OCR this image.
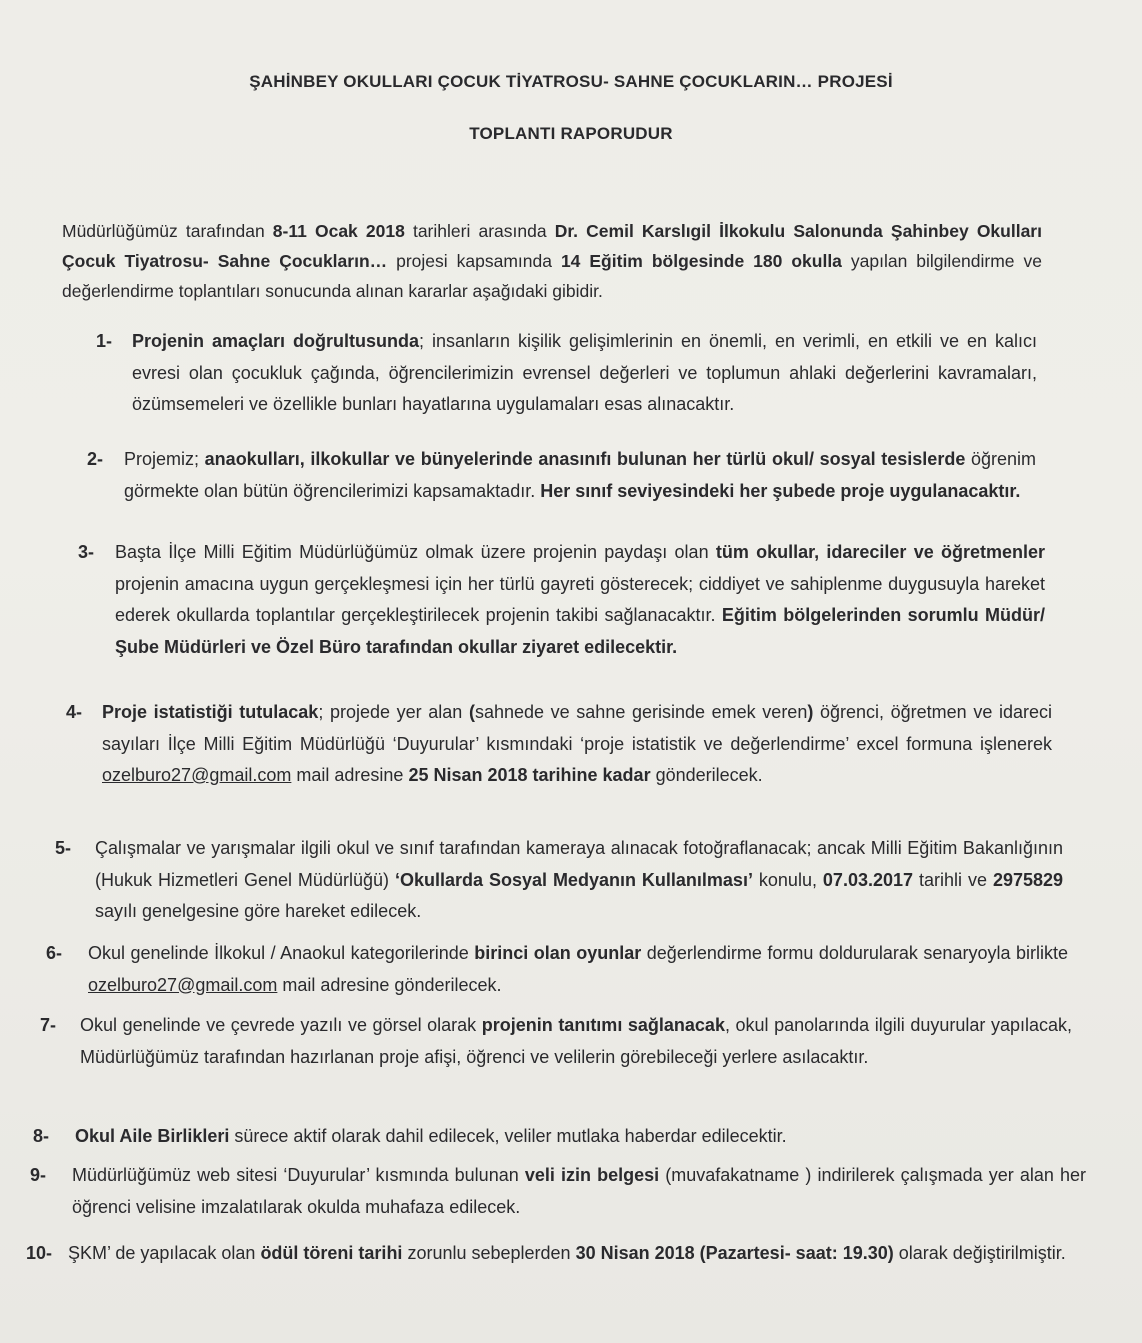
ŞAHİNBEY OKULLARI ÇOCUK TİYATROSU- SAHNE ÇOCUKLARIN… PROJESİ
TOPLANTI RAPORUDUR
Müdürlüğümüz tarafından 8-11 Ocak 2018 tarihleri arasında Dr. Cemil Karslıgil İlkokulu Salonunda Şahinbey Okulları Çocuk Tiyatrosu- Sahne Çocukların… projesi kapsamında 14 Eğitim bölgesinde 180 okulla yapılan bilgilendirme ve değerlendirme toplantıları sonucunda alınan kararlar aşağıdaki gibidir.
1- Projenin amaçları doğrultusunda; insanların kişilik gelişimlerinin en önemli, en verimli, en etkili ve en kalıcı evresi olan çocukluk çağında, öğrencilerimizin evrensel değerleri ve toplumun ahlaki değerlerini kavramaları, özümsemeleri ve özellikle bunları hayatlarına uygulamaları esas alınacaktır.
2- Projemiz; anaokulları, ilkokullar ve bünyelerinde anasınıfı bulunan her türlü okul/ sosyal tesislerde öğrenim görmekte olan bütün öğrencilerimizi kapsamaktadır. Her sınıf seviyesindeki her şubede proje uygulanacaktır.
3- Başta İlçe Milli Eğitim Müdürlüğümüz olmak üzere projenin paydaşı olan tüm okullar, idareciler ve öğretmenler projenin amacına uygun gerçekleşmesi için her türlü gayreti gösterecek; ciddiyet ve sahiplenme duygusuyla hareket ederek okullarda toplantılar gerçekleştirilecek projenin takibi sağlanacaktır. Eğitim bölgelerinden sorumlu Müdür/Şube Müdürleri ve Özel Büro tarafından okullar ziyaret edilecektir.
4- Proje istatistiği tutulacak; projede yer alan (sahnede ve sahne gerisinde emek veren) öğrenci, öğretmen ve idareci sayıları İlçe Milli Eğitim Müdürlüğü ‘Duyurular’ kısmındaki ‘proje istatistik ve değerlendirme’ excel formuna işlenerek ozelburo27@gmail.com mail adresine 25 Nisan 2018 tarihine kadar gönderilecek.
5- Çalışmalar ve yarışmalar ilgili okul ve sınıf tarafından kameraya alınacak fotoğraflanacak; ancak Milli Eğitim Bakanlığının (Hukuk Hizmetleri Genel Müdürlüğü) ‘Okullarda Sosyal Medyanın Kullanılması’ konulu, 07.03.2017 tarihli ve 2975829 sayılı genelgesine göre hareket edilecek.
6- Okul genelinde İlkokul / Anaokul kategorilerinde birinci olan oyunlar değerlendirme formu doldurularak senaryoyla birlikte ozelburo27@gmail.com mail adresine gönderilecek.
7- Okul genelinde ve çevrede yazılı ve görsel olarak projenin tanıtımı sağlanacak, okul panolarında ilgili duyurular yapılacak, Müdürlüğümüz tarafından hazırlanan proje afişi, öğrenci ve velilerin görebileceği yerlere asılacaktır.
8- Okul Aile Birlikleri sürece aktif olarak dahil edilecek, veliler mutlaka haberdar edilecektir.
9- Müdürlüğümüz web sitesi ‘Duyurular’ kısmında bulunan veli izin belgesi (muvafakatname ) indirilerek çalışmada yer alan her öğrenci velisine imzalatılarak okulda muhafaza edilecek.
10- ŞKM’ de yapılacak olan ödül töreni tarihi zorunlu sebeplerden 30 Nisan 2018 (Pazartesi- saat: 19.30) olarak değiştirilmiştir.
